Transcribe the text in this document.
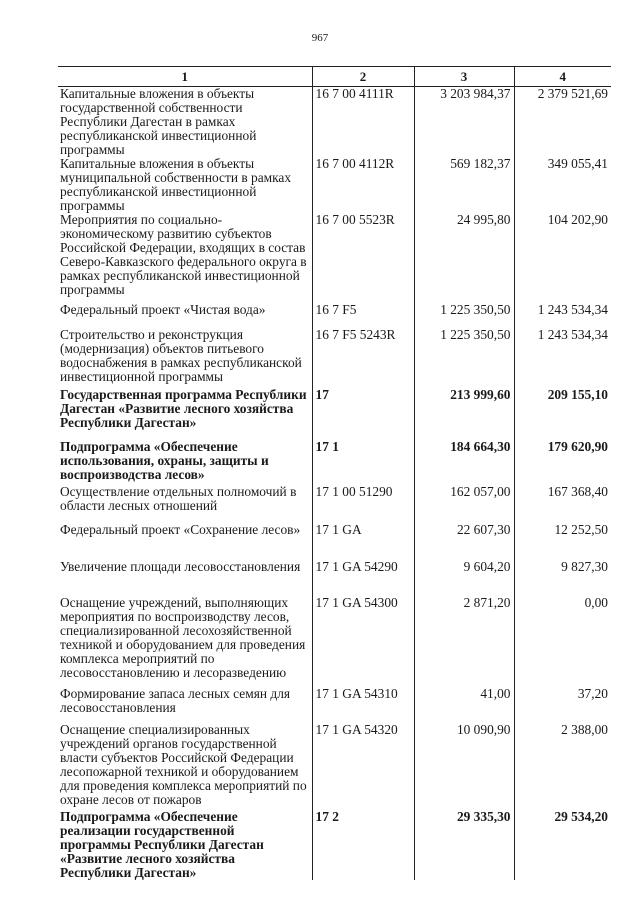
967
1	2	3	4
Капитальные вложения в объекты государственной собственности Республики Дагестан в рамках республиканской инвестиционной программы	16 7 00 4111R	3 203 984,37	2 379 521,69
Капитальные вложения в объекты муниципальной собственности в рамках республиканской инвестиционной программы	16 7 00 4112R	569 182,37	349 055,41
Мероприятия по социально-экономическому развитию субъектов Российской Федерации, входящих в состав Северо-Кавказского федерального округа в рамках республиканской инвестиционной программы	16 7 00 5523R	24 995,80	104 202,90
Федеральный проект «Чистая вода»	16 7 F5	1 225 350,50	1 243 534,34
Строительство и реконструкция (модернизация) объектов питьевого водоснабжения в рамках республиканской инвестиционной программы	16 7 F5 5243R	1 225 350,50	1 243 534,34
Государственная программа Республики Дагестан «Развитие лесного хозяйства Республики Дагестан»	17	213 999,60	209 155,10
Подпрограмма «Обеспечение использования, охраны, защиты и воспроизводства лесов»	17 1	184 664,30	179 620,90
Осуществление отдельных полномочий в области лесных отношений	17 1 00 51290	162 057,00	167 368,40
Федеральный проект «Сохранение лесов»	17 1 GA	22 607,30	12 252,50
Увеличение площади лесовосстановления	17 1 GA 54290	9 604,20	9 827,30
Оснащение учреждений, выполняющих мероприятия по воспроизводству лесов, специализированной лесохозяйственной техникой и оборудованием для проведения комплекса мероприятий по лесовосстановлению и лесоразведению	17 1 GA 54300	2 871,20	0,00
Формирование запаса лесных семян для лесовосстановления	17 1 GA 54310	41,00	37,20
Оснащение специализированных учреждений органов государственной власти субъектов Российской Федерации лесопожарной техникой и оборудованием для проведения комплекса мероприятий по охране лесов от пожаров	17 1 GA 54320	10 090,90	2 388,00
Подпрограмма «Обеспечение реализации государственной программы Республики Дагестан «Развитие лесного хозяйства Республики Дагестан»	17 2	29 335,30	29 534,20
